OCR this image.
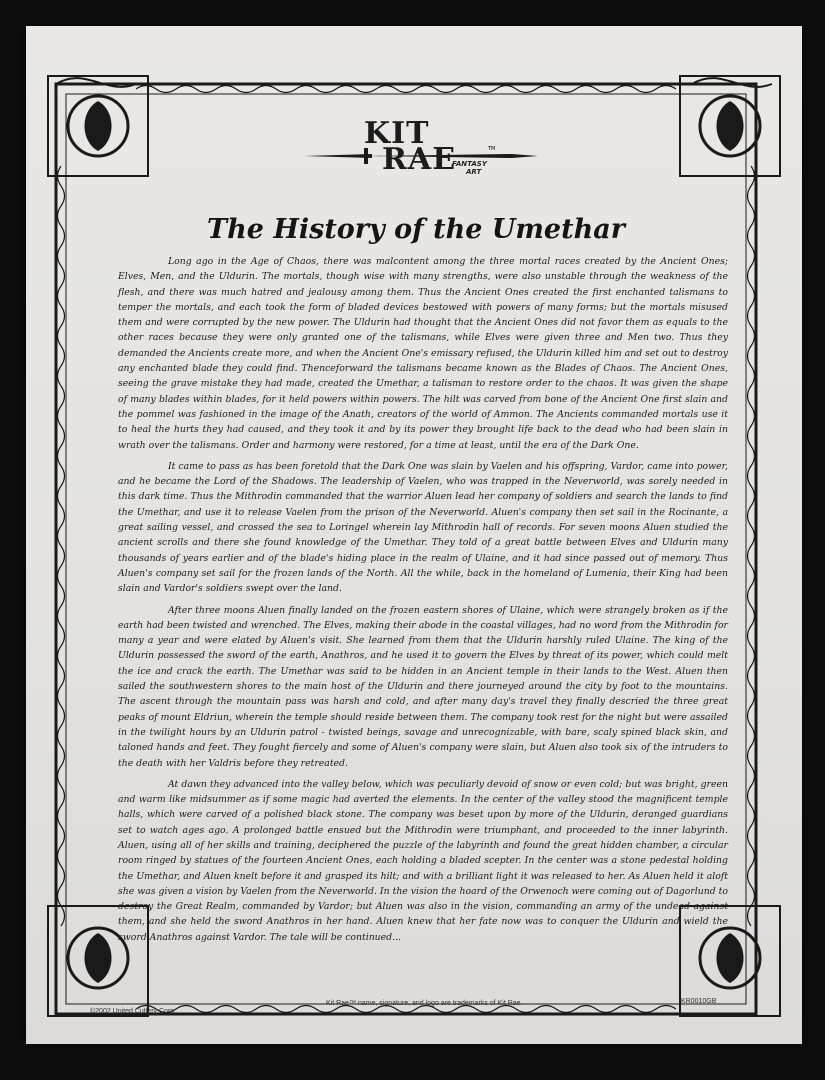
KIT
RAE	TM
FANTASY
ART
The History of the Umethar

Long ago in the Age of Chaos, there was malcontent among the three mortal races created by the Ancient Ones; Elves, Men, and the Uldurin. The mortals, though wise with many strengths, were also unstable through the weakness of the flesh, and there was much hatred and jealousy among them. Thus the Ancient Ones created the first enchanted talismans to temper the mortals, and each took the form of bladed devices bestowed with powers of many forms; but the mortals misused them and were corrupted by the new power. The Uldurin had thought that the Ancient Ones did not favor them as equals to the other races because they were only granted one of the talismans, while Elves were given three and Men two. Thus they demanded the Ancients create more, and when the Ancient One's emissary refused, the Uldurin killed him and set out to destroy any enchanted blade they could find. Thenceforward the talismans became known as the Blades of Chaos. The Ancient Ones, seeing the grave mistake they had made, created the Umethar, a talisman to restore order to the chaos. It was given the shape of many blades within blades, for it held powers within powers. The hilt was carved from bone of the Ancient One first slain and the pommel was fashioned in the image of the Anath, creators of the world of Ammon. The Ancients commanded mortals use it to heal the hurts they had caused, and they took it and by its power they brought life back to the dead who had been slain in wrath over the talismans. Order and harmony were restored, for a time at least, until the era of the Dark One.

It came to pass as has been foretold that the Dark One was slain by Vaelen and his offspring, Vardor, came into power, and he became the Lord of the Shadows. The leadership of Vaelen, who was trapped in the Neverworld, was sorely needed in this dark time. Thus the Mithrodin commanded that the warrior Aluen lead her company of soldiers and search the lands to find the Umethar, and use it to release Vaelen from the prison of the Neverworld. Aluen's company then set sail in the Rocinante, a great sailing vessel, and crossed the sea to Loringel wherein lay Mithrodin hall of records. For seven moons Aluen studied the ancient scrolls and there she found knowledge of the Umethar. They told of a great battle between Elves and Uldurin many thousands of years earlier and of the blade's hiding place in the realm of Ulaine, and it had since passed out of memory. Thus Aluen's company set sail for the frozen lands of the North. All the while, back in the homeland of Lumenia, their King had been slain and Vardor's soldiers swept over the land.

After three moons Aluen finally landed on the frozen eastern shores of Ulaine, which were strangely broken as if the earth had been twisted and wrenched. The Elves, making their abode in the coastal villages, had no word from the Mithrodin for many a year and were elated by Aluen's visit. She learned from them that the Uldurin harshly ruled Ulaine. The king of the Uldurin possessed the sword of the earth, Anathros, and he used it to govern the Elves by threat of its power, which could melt the ice and crack the earth. The Umethar was said to be hidden in an Ancient temple in their lands to the West. Aluen then sailed the southwestern shores to the main host of the Uldurin and there journeyed around the city by foot to the mountains. The ascent through the mountain pass was harsh and cold, and after many day's travel they finally descried the three great peaks of mount Eldriun, wherein the temple should reside between them. The company took rest for the night but were assailed in the twilight hours by an Uldurin patrol - twisted beings, savage and unrecognizable, with bare, scaly spined black skin, and taloned hands and feet. They fought fiercely and some of Aluen's company were slain, but Aluen also took six of the intruders to the death with her Valdris before they retreated.

At dawn they advanced into the valley below, which was peculiarly devoid of snow or even cold; but was bright, green and warm like midsummer as if some magic had averted the elements. In the center of the valley stood the magnificent temple halls, which were carved of a polished black stone. The company was beset upon by more of the Uldurin, deranged guardians set to watch ages ago. A prolonged battle ensued but the Mithrodin were triumphant, and proceeded to the inner labyrinth. Aluen, using all of her skills and training, deciphered the puzzle of the labyrinth and found the great hidden chamber, a circular room ringed by statues of the fourteen Ancient Ones, each holding a bladed scepter. In the center was a stone pedestal holding the Umethar, and Aluen knelt before it and grasped its hilt; and with a brilliant light it was released to her. As Aluen held it aloft she was given a vision by Vaelen from the Neverworld. In the vision the hoard of the Orwenoch were coming out of Dagorlund to destroy the Great Realm, commanded by Vardor; but Aluen was also in the vision, commanding an army of the undead against them, and she held the sword Anathros in her hand. Aluen knew that her fate now was to conquer the Uldurin and wield the sword Anathros against Vardor. The tale will be continued...

©2002 United Cutlery Corp.
Kit Rae™ name, signature, and logo are trademarks of Kit Rae.	KR0010GB
